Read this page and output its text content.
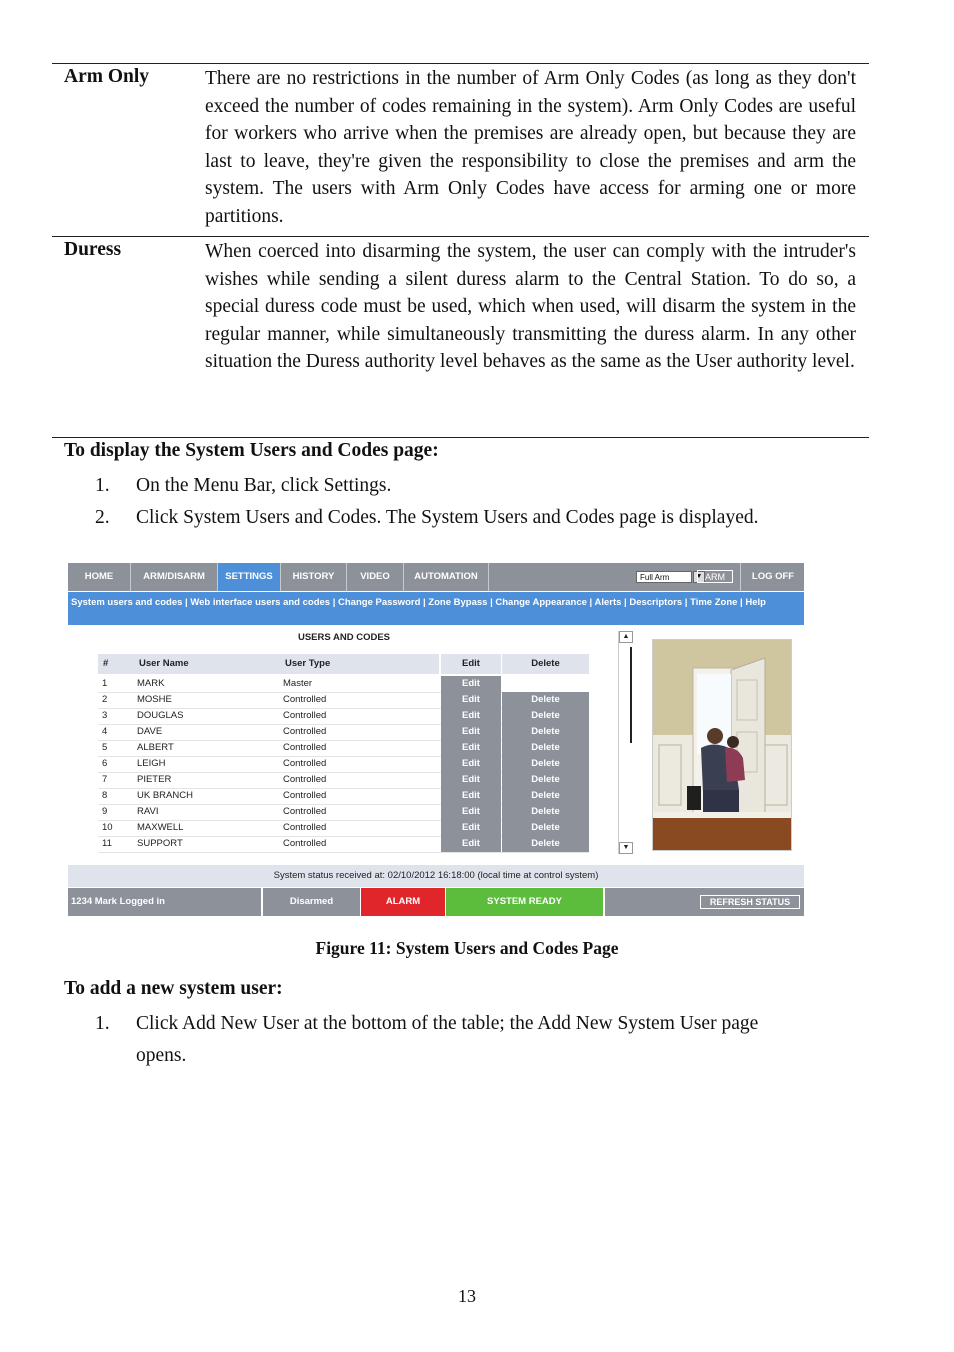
Arm Only	There are no restrictions in the number of Arm Only Codes (as long as they don't exceed the number of codes remaining in the system). Arm Only Codes are useful for workers who arrive when the premises are already open, but because they are last to leave, they're given the responsibility to close the premises and arm the system. The users with Arm Only Codes have access for arming one or more partitions.
Duress	When coerced into disarming the system, the user can comply with the intruder's wishes while sending a silent duress alarm to the Central Station. To do so, a special duress code must be used, which when used, will disarm the system in the regular manner, while simultaneously transmitting the duress alarm. In any other situation the Duress authority level behaves as the same as the User authority level.
To display the System Users and Codes page:
1. On the Menu Bar, click Settings.
2. Click System Users and Codes. The System Users and Codes page is displayed.
HOME	ARM/DISARM	SETTINGS	HISTORY	VIDEO	AUTOMATION	Full Arm	▼ ARM	LOG OFF
System users and codes | Web interface users and codes | Change Password | Zone Bypass | Change Appearance | Alerts | Descriptors | Time Zone | Help
USERS AND CODES
#	User Name	User Type	Edit	Delete
1	MARK	Master	Edit
2	MOSHE	Controlled	Edit	Delete
3	DOUGLAS	Controlled	Edit	Delete
4	DAVE	Controlled	Edit	Delete
5	ALBERT	Controlled	Edit	Delete
6	LEIGH	Controlled	Edit	Delete
7	PIETER	Controlled	Edit	Delete
8	UK BRANCH	Controlled	Edit	Delete
9	RAVI	Controlled	Edit	Delete
10	MAXWELL	Controlled	Edit	Delete
11	SUPPORT	Controlled	Edit	Delete
▲
▼
System status received at: 02/10/2012 16:18:00 (local time at control system)
1234 Mark Logged in	Disarmed	ALARM	SYSTEM READY	REFRESH STATUS
Figure 11: System Users and Codes Page
To add a new system user:
1. Click Add New User at the bottom of the table; the Add New System User page
opens.
13
